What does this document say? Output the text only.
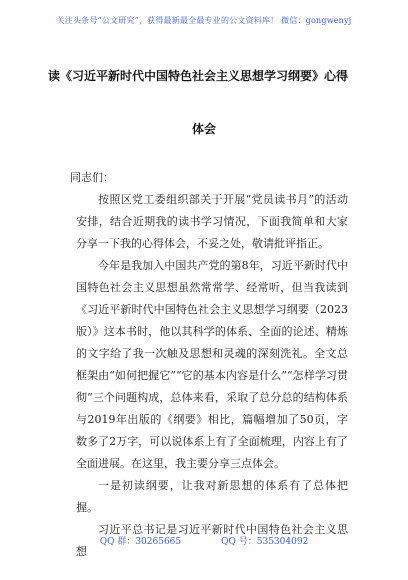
关注头条号“公文研究”，获得最新最全最专业的公文资料库！ 微信：gongwenyj
读《习近平新时代中国特色社会主义思想学习纲要》心得
体会
同志们：
按照区党工委组织部关于开展“党员读书月”的活动安排，结合近期我的读书学习情况，下面我简单和大家分享一下我的心得体会，不妥之处，敬请批评指正。
今年是我加入中国共产党的第8年，习近平新时代中国特色社会主义思想虽然常常学、经常听，但当我读到《习近平新时代中国特色社会主义思想学习纲要（2023版）》这本书时，他以其科学的体系、全面的论述、精炼的文字给了我一次触及思想和灵魂的深刻洗礼。全文总框架由“如何把握它”“它的基本内容是什么”“怎样学习贯彻”三个问题构成，总体来看，采取了总分总的结构体系与2019年出版的《纲要》相比，篇幅增加了50页，字数多了2万字，可以说体系上有了全面梳理，内容上有了全面进展。在这里，我主要分享三点体会。
一是初读纲要，让我对新思想的体系有了总体把握。
习近平总书记是习近平新时代中国特色社会主义思想
QQ 群：30265665	QQ 号：535304092
